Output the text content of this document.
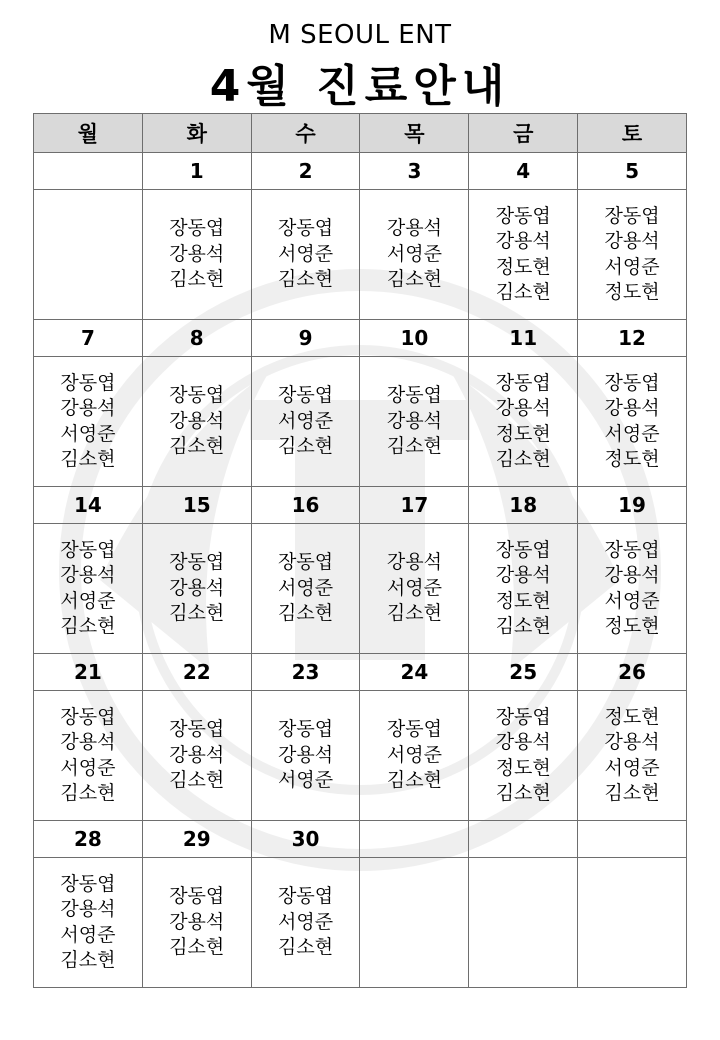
M SEOUL ENT
4월 진료안내
월	화	수	목	금	토
	1	2	3	4	5

	장동엽
강용석
김소현	장동엽
서영준
김소현	강용석
서영준
김소현	장동엽
강용석
정도현
김소현	장동엽
강용석
서영준
정도현

7	8	9	10	11	12

장동엽
강용석
서영준
김소현	장동엽
강용석
김소현	장동엽
서영준
김소현	장동엽
강용석
김소현	장동엽
강용석
정도현
김소현	장동엽
강용석
서영준
정도현

14	15	16	17	18	19

장동엽
강용석
서영준
김소현	장동엽
강용석
김소현	장동엽
서영준
김소현	강용석
서영준
김소현	장동엽
강용석
정도현
김소현	장동엽
강용석
서영준
정도현

21	22	23	24	25	26

장동엽
강용석
서영준
김소현	장동엽
강용석
김소현	장동엽
강용석
서영준	장동엽
서영준
김소현	장동엽
강용석
정도현
김소현	정도현
강용석
서영준
김소현

28	29	30			

장동엽
강용석
서영준
김소현	장동엽
강용석
김소현	장동엽
서영준
김소현			
